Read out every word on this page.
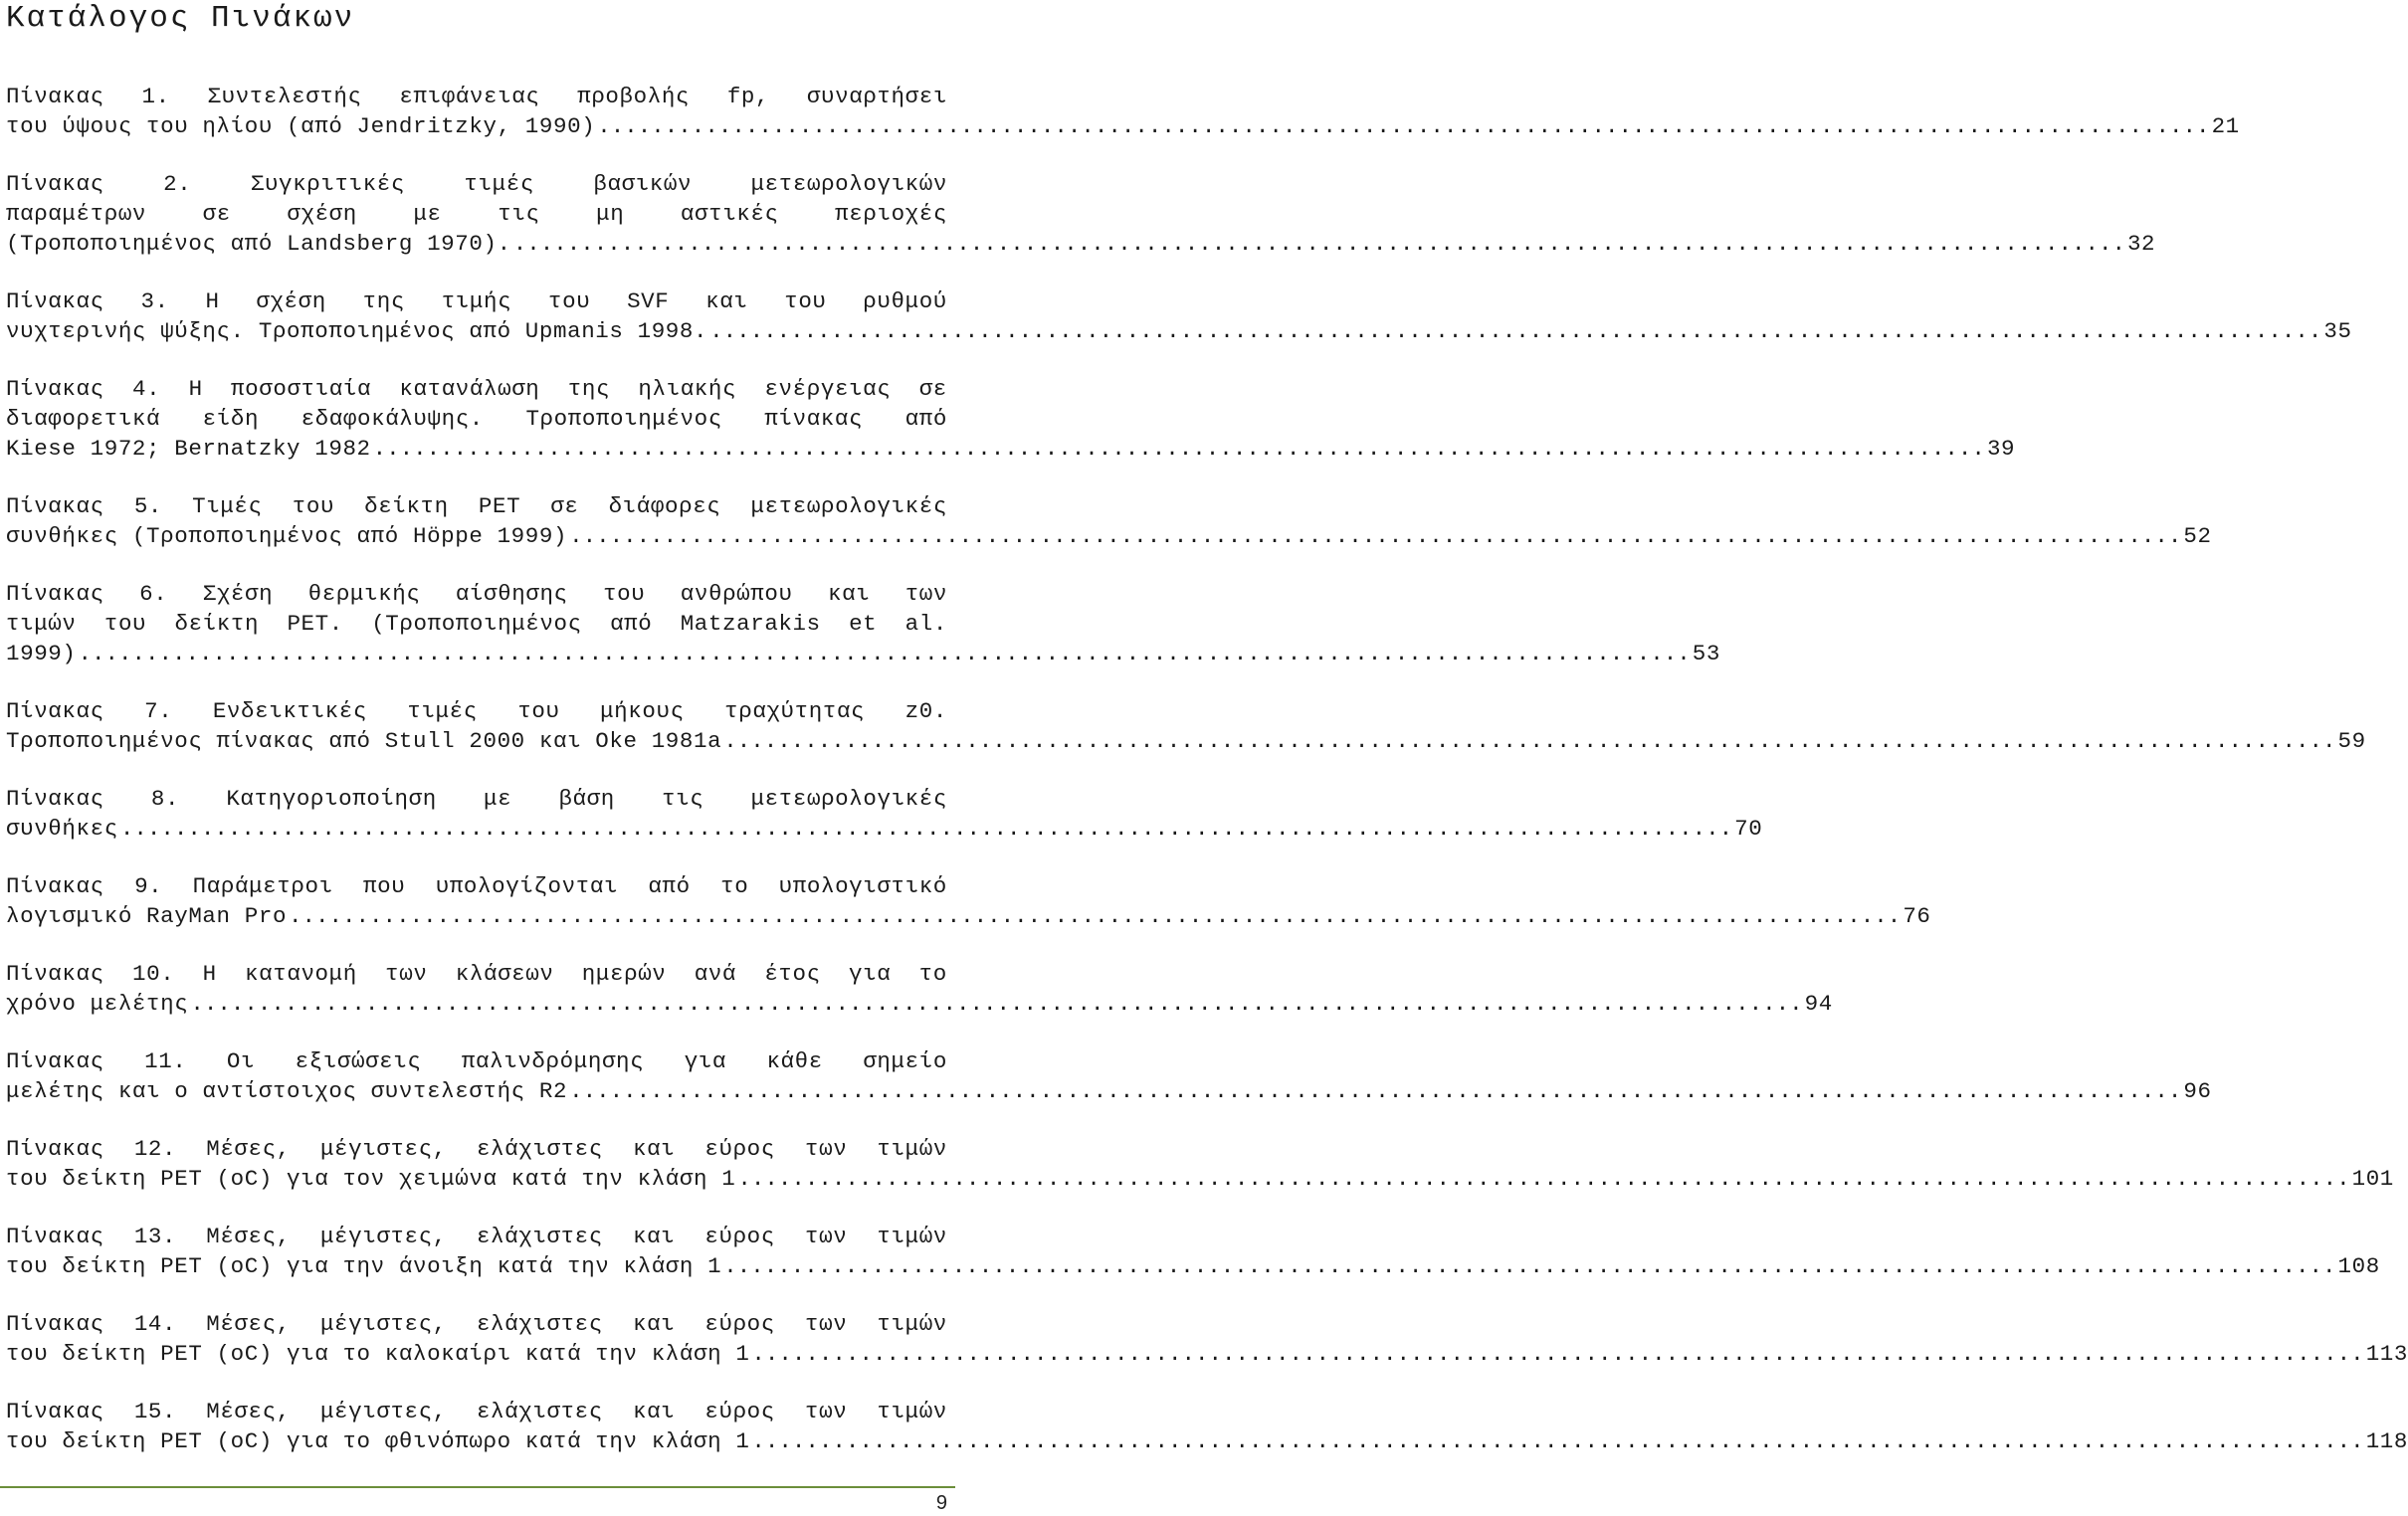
Κατάλογος Πινάκων
Πίνακας 1. Συντελεστής επιφάνειας προβολής fp, συναρτήσει
του ύψους του ηλίου (από Jendritzky, 1990) ........................................................................................................................ 21
Πίνακας	2.	Συγκριτικές	τιμές	βασικών	μετεωρολογικών
παραμέτρων	σε	σχέση	με	τις	μη	αστικές	περιοχές
(Τροποποιημένος από Landsberg 1970). ........................................................................................................................ 32
Πίνακας 3. Η σχέση της τιμής του SVF και του ρυθμού
νυχτερινής ψύξης. Τροποποιημένος από Upmanis 1998. ........................................................................................................................ 35
Πίνακας 4. Η ποσοστιαία κατανάλωση της ηλιακής ενέργειας σε
διαφορετικά είδη εδαφοκάλυψης. Τροποποιημένος πίνακας από
Kiese 1972; Bernatzky 1982 ........................................................................................................................ 39
Πίνακας 5. Τιμές του δείκτη PET σε διάφορες μετεωρολογικές
συνθήκες (Τροποποιημένος από Höppe 1999) ........................................................................................................................ 52
Πίνακας 6. Σχέση θερμικής αίσθησης του ανθρώπου και των
τιμών του δείκτη PET. (Τροποποιημένος από Matzarakis et al.
1999) ........................................................................................................................ 53
Πίνακας 7. Ενδεικτικές τιμές του μήκους τραχύτητας z0.
Τροποποιημένος πίνακας από Stull 2000 και Oke 1981a ........................................................................................................................ 59
Πίνακας 8. Κατηγοριοποίηση με βάση τις μετεωρολογικές
συνθήκες ........................................................................................................................ 70
Πίνακας 9. Παράμετροι που υπολογίζονται από το υπολογιστικό
λογισμικό RayMan Pro ........................................................................................................................ 76
Πίνακας 10. Η κατανομή των κλάσεων ημερών ανά έτος για το
χρόνο μελέτης ........................................................................................................................ 94
Πίνακας 11. Οι εξισώσεις παλινδρόμησης για κάθε σημείο
μελέτης και ο αντίστοιχος συντελεστής R2 ........................................................................................................................ 96
Πίνακας 12. Μέσες, μέγιστες, ελάχιστες και εύρος των τιμών
του δείκτη PET (oC) για τον χειμώνα κατά την κλάση 1 ........................................................................................................................ 101
Πίνακας 13. Μέσες, μέγιστες, ελάχιστες και εύρος των τιμών
του δείκτη PET (oC) για την άνοιξη κατά την κλάση 1 ........................................................................................................................ 108
Πίνακας 14. Μέσες, μέγιστες, ελάχιστες και εύρος των τιμών
του δείκτη PET (oC) για το καλοκαίρι κατά την κλάση 1 ........................................................................................................................ 113
Πίνακας 15. Μέσες, μέγιστες, ελάχιστες και εύρος των τιμών
του δείκτη PET (oC) για το φθινόπωρο κατά την κλάση 1 ........................................................................................................................ 118
9
